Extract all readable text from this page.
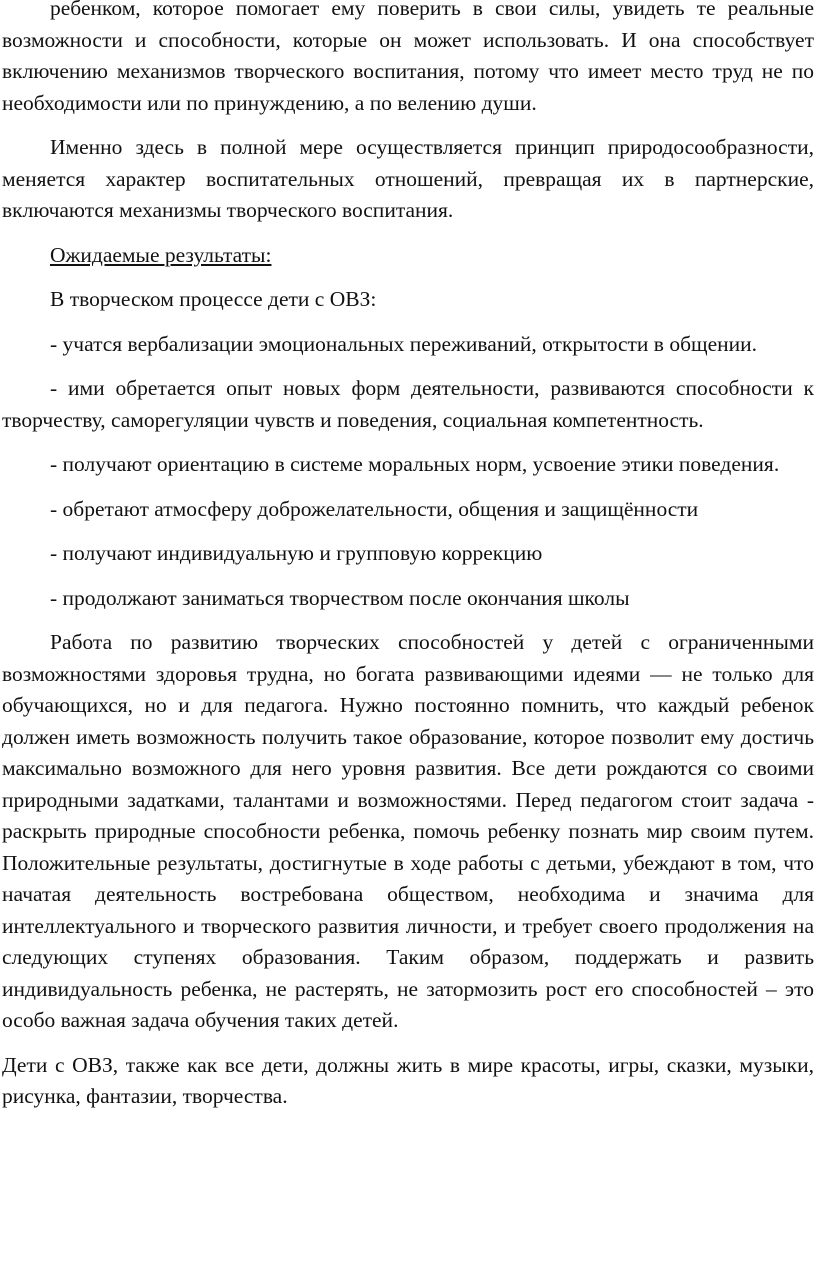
ребенком, которое помогает ему поверить в свои силы, увидеть те реальные возможности и способности, которые он может использовать. И она способствует включению механизмов творческого воспитания, потому что имеет место труд не по необходимости или по принуждению, а по велению души.

Именно здесь в полной мере осуществляется принцип природосообразности, меняется характер воспитательных отношений, превращая их в партнерские, включаются механизмы творческого воспитания.

Ожидаемые результаты:

В творческом процессе дети с ОВЗ:

- учатся вербализации эмоциональных переживаний, открытости в общении.

- ими обретается опыт новых форм деятельности, развиваются способности к творчеству, саморегуляции чувств и поведения, социальная компетентность.

- получают ориентацию в системе моральных норм, усвоение этики поведения.

- обретают атмосферу доброжелательности, общения и защищённости

- получают индивидуальную и групповую коррекцию

- продолжают заниматься творчеством после окончания школы

Работа по развитию творческих способностей у детей с ограниченными возможностями здоровья трудна, но богата развивающими идеями — не только для обучающихся, но и для педагога. Нужно постоянно помнить, что каждый ребенок должен иметь возможность получить такое образование, которое позволит ему достичь максимально возможного для него уровня развития. Все дети рождаются со своими природными задатками, талантами и возможностями. Перед педагогом стоит задача - раскрыть природные способности ребенка, помочь ребенку познать мир своим путем. Положительные результаты, достигнутые в ходе работы с детьми, убеждают в том, что начатая деятельность востребована обществом, необходима и значима для интеллектуального и творческого развития личности, и требует своего продолжения на следующих ступенях образования. Таким образом, поддержать и развить индивидуальность ребенка, не растерять, не затормозить рост его способностей – это особо важная задача обучения таких детей.

Дети с ОВЗ, также как все дети, должны жить в мире красоты, игры, сказки, музыки, рисунка, фантазии, творчества.
